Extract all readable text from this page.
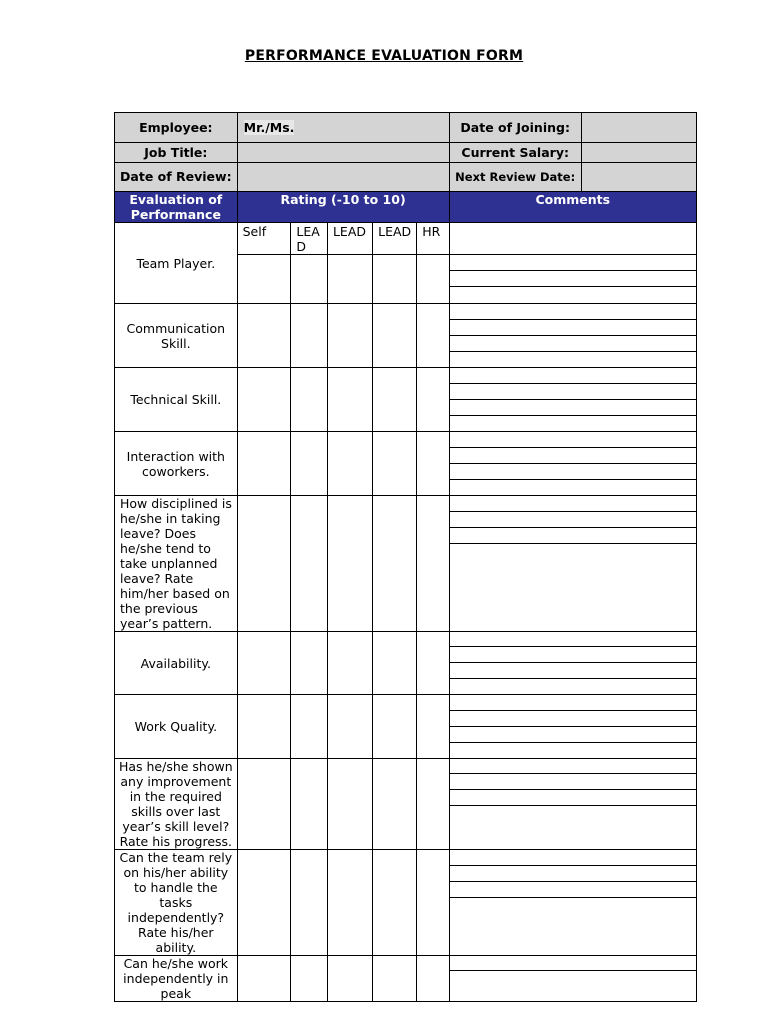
PERFORMANCE EVALUATION FORM
Employee:	Mr./Ms.					Date of Joining:	
Job Title:						Current Salary:	
Date of Review:						Next Review Date:	
Evaluation of Performance	Rating (-10 to 10)					Comments	
Team Player.	Self	LEAD	LEAD	LEAD	HR		

Communication Skill.							

Technical Skill.							

Interaction with coworkers.							

How disciplined is he/she in taking leave? Does he/she tend to take unplanned leave? Rate him/her based on the previous year’s pattern.							

Availability.							

Work Quality.							

Has he/she shown any improvement in the required skills over last year’s skill level? Rate his progress.							

Can the team rely on his/her ability to handle the tasks independently? Rate his/her ability.							

Can he/she work independently in peak							
